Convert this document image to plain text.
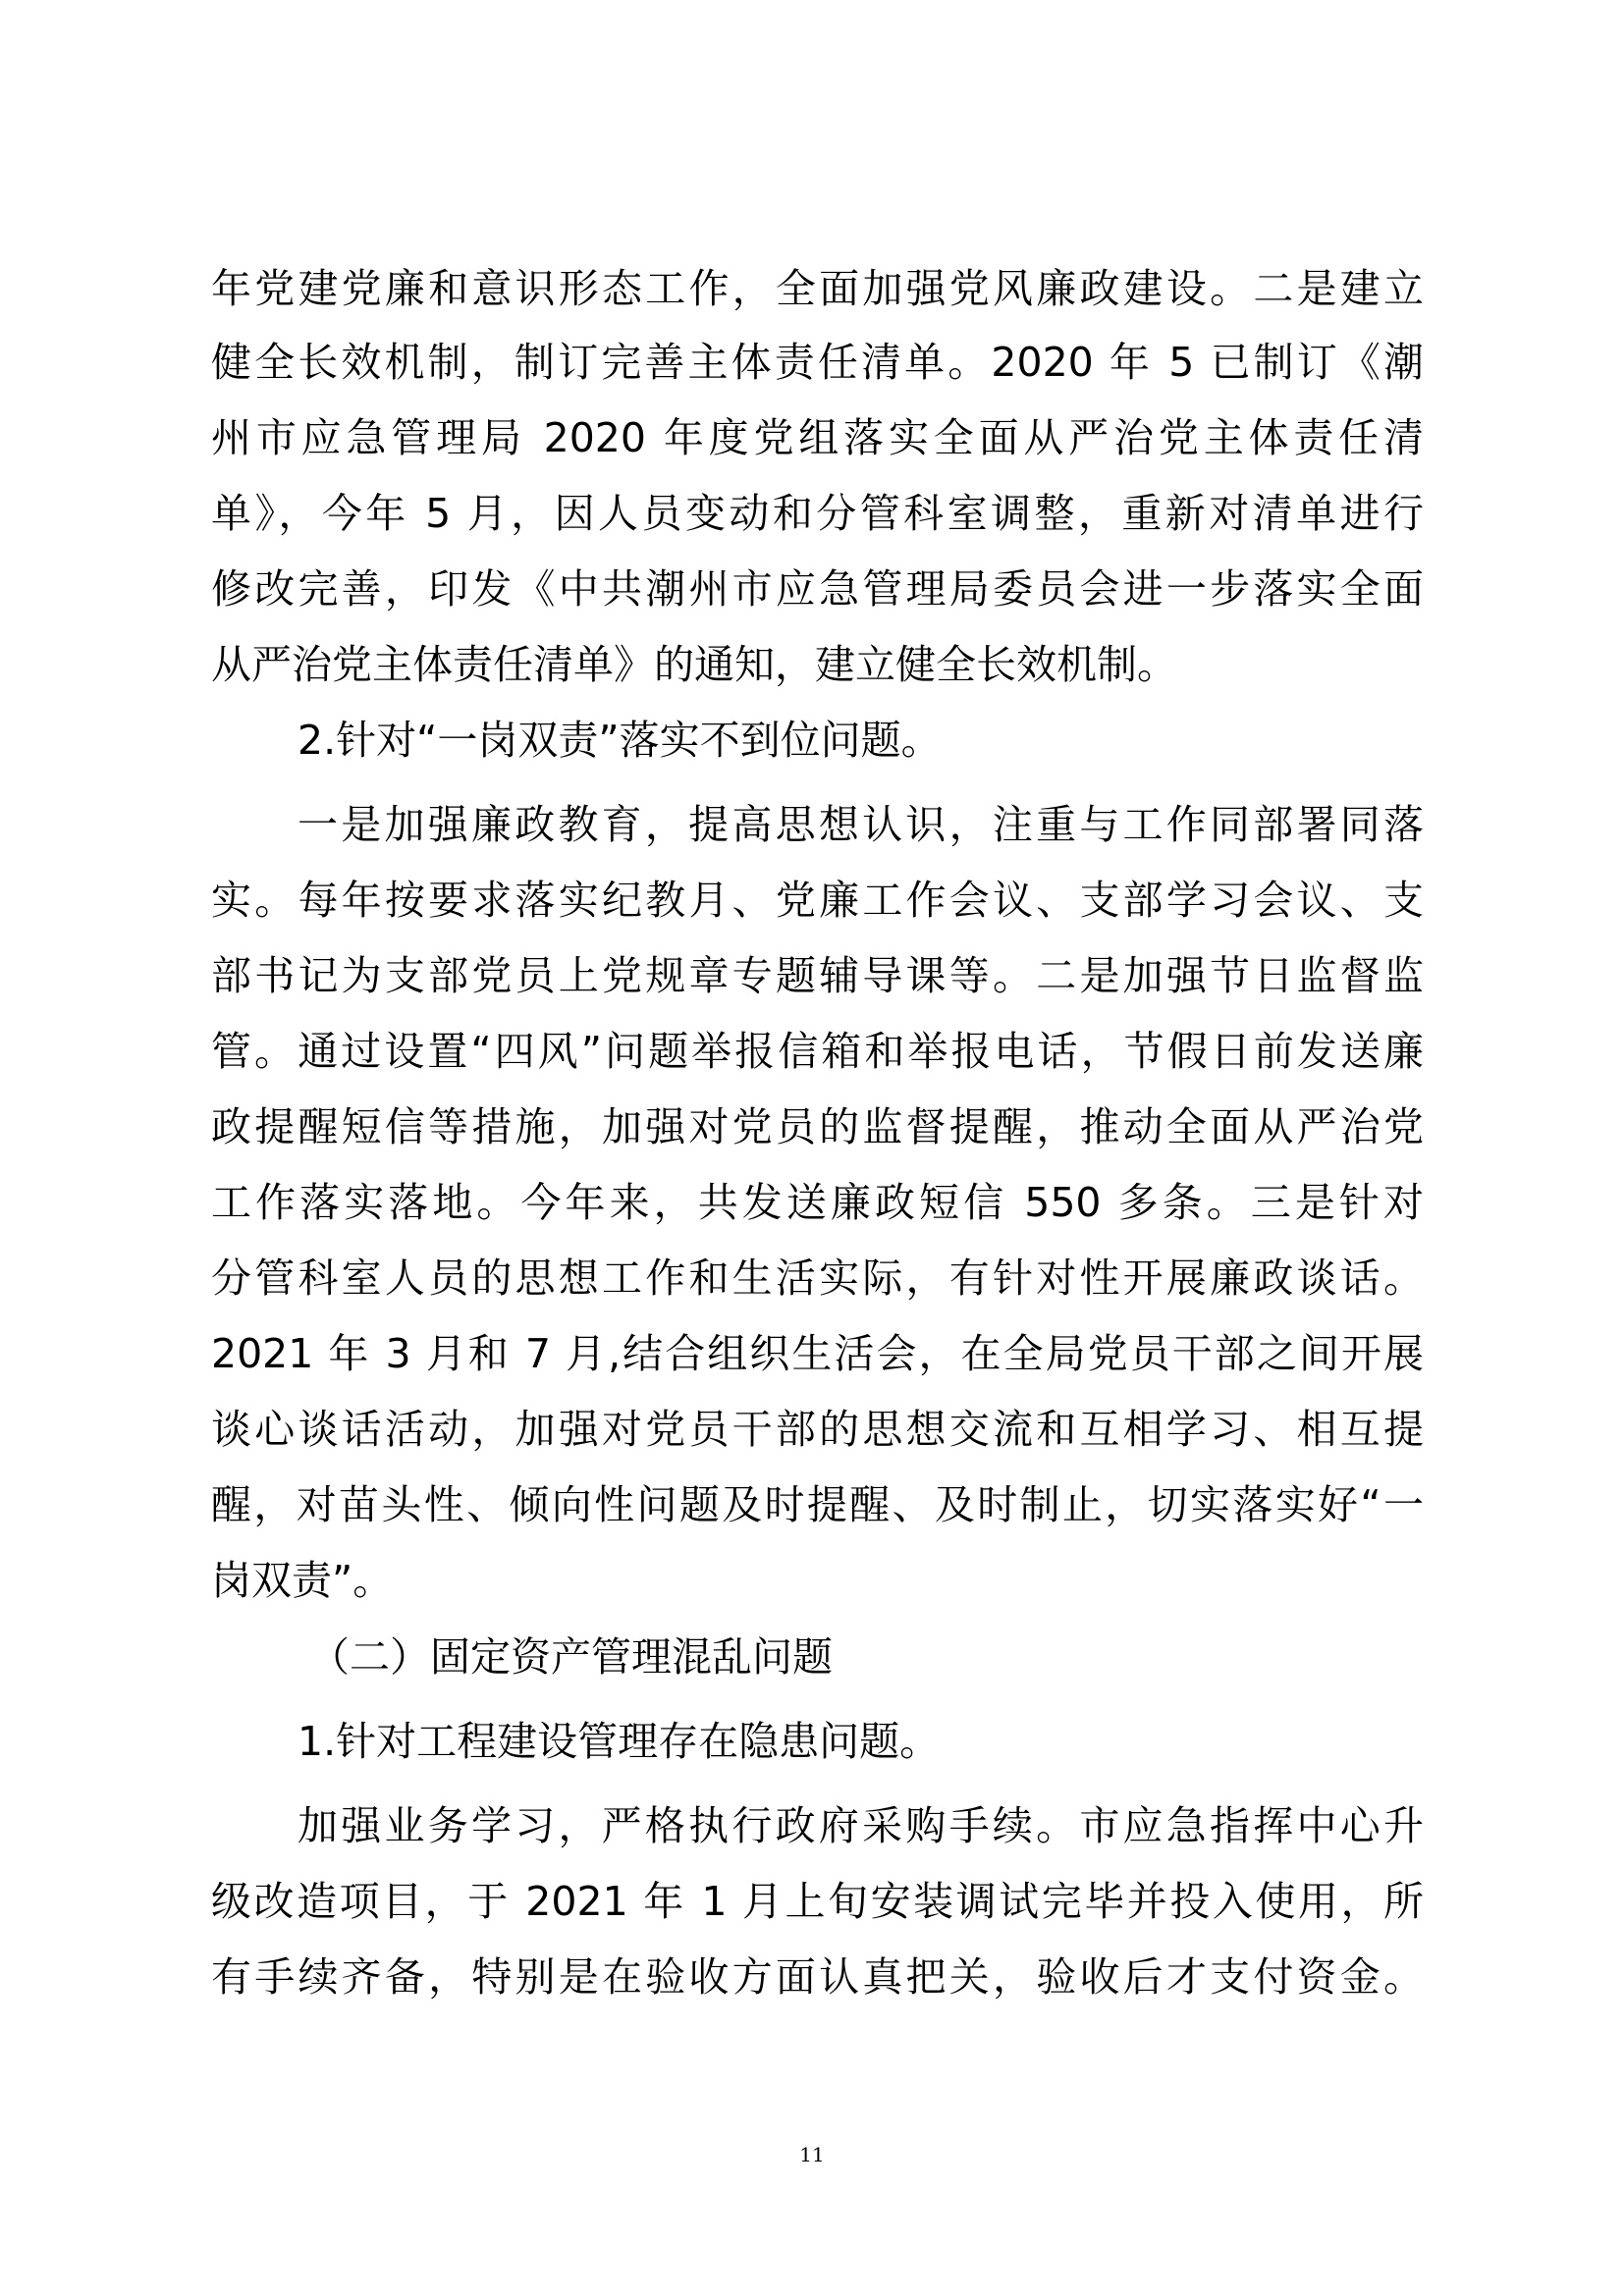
年党建党廉和意识形态工作，全面加强党风廉政建设。二是建立
健全长效机制，制订完善主体责任清单。2020 年 5 已制订《潮
州市应急管理局 2020 年度党组落实全面从严治党主体责任清
单》，今年 5 月，因人员变动和分管科室调整，重新对清单进行
修改完善，印发《中共潮州市应急管理局委员会进一步落实全面
从严治党主体责任清单》的通知，建立健全长效机制。
2.针对“一岗双责”落实不到位问题。
一是加强廉政教育，提高思想认识，注重与工作同部署同落
实。每年按要求落实纪教月、党廉工作会议、支部学习会议、支
部书记为支部党员上党规章专题辅导课等。二是加强节日监督监
管。通过设置“四风”问题举报信箱和举报电话，节假日前发送廉
政提醒短信等措施，加强对党员的监督提醒，推动全面从严治党
工作落实落地。今年来，共发送廉政短信 550 多条。三是针对
分管科室人员的思想工作和生活实际，有针对性开展廉政谈话。
2021 年 3 月和 7 月,结合组织生活会，在全局党员干部之间开展
谈心谈话活动，加强对党员干部的思想交流和互相学习、相互提
醒，对苗头性、倾向性问题及时提醒、及时制止，切实落实好“一
岗双责”。
（二）固定资产管理混乱问题
1.针对工程建设管理存在隐患问题。
加强业务学习，严格执行政府采购手续。市应急指挥中心升
级改造项目，于 2021 年 1 月上旬安装调试完毕并投入使用，所
有手续齐备，特别是在验收方面认真把关，验收后才支付资金。
11
